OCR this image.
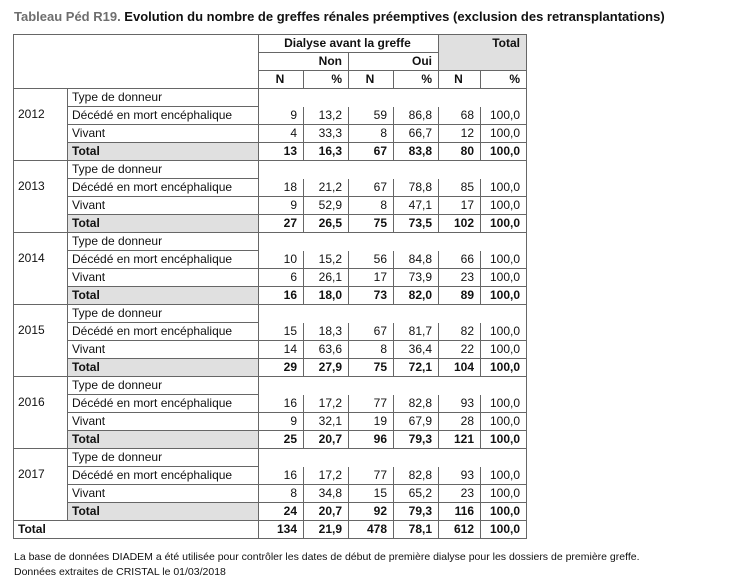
Tableau Péd R19. Evolution du nombre de greffes rénales préemptives (exclusion des retransplantations)
		Dialyse avant la greffe				Total	
		Non		Oui			
		N	%	N	%	N	%
2012	Type de donneur						
	Décédé en mort encéphalique	9	13,2	59	86,8	68	100,0
	Vivant	4	33,3	8	66,7	12	100,0
	Total	13	16,3	67	83,8	80	100,0
2013	Type de donneur						
	Décédé en mort encéphalique	18	21,2	67	78,8	85	100,0
	Vivant	9	52,9	8	47,1	17	100,0
	Total	27	26,5	75	73,5	102	100,0
2014	Type de donneur						
	Décédé en mort encéphalique	10	15,2	56	84,8	66	100,0
	Vivant	6	26,1	17	73,9	23	100,0
	Total	16	18,0	73	82,0	89	100,0
2015	Type de donneur						
	Décédé en mort encéphalique	15	18,3	67	81,7	82	100,0
	Vivant	14	63,6	8	36,4	22	100,0
	Total	29	27,9	75	72,1	104	100,0
2016	Type de donneur						
	Décédé en mort encéphalique	16	17,2	77	82,8	93	100,0
	Vivant	9	32,1	19	67,9	28	100,0
	Total	25	20,7	96	79,3	121	100,0
2017	Type de donneur						
	Décédé en mort encéphalique	16	17,2	77	82,8	93	100,0
	Vivant	8	34,8	15	65,2	23	100,0
	Total	24	20,7	92	79,3	116	100,0
Total		134	21,9	478	78,1	612	100,0
La base de données DIADEM a été utilisée pour contrôler les dates de début de première dialyse pour les dossiers de première greffe.
Données extraites de CRISTAL le 01/03/2018
